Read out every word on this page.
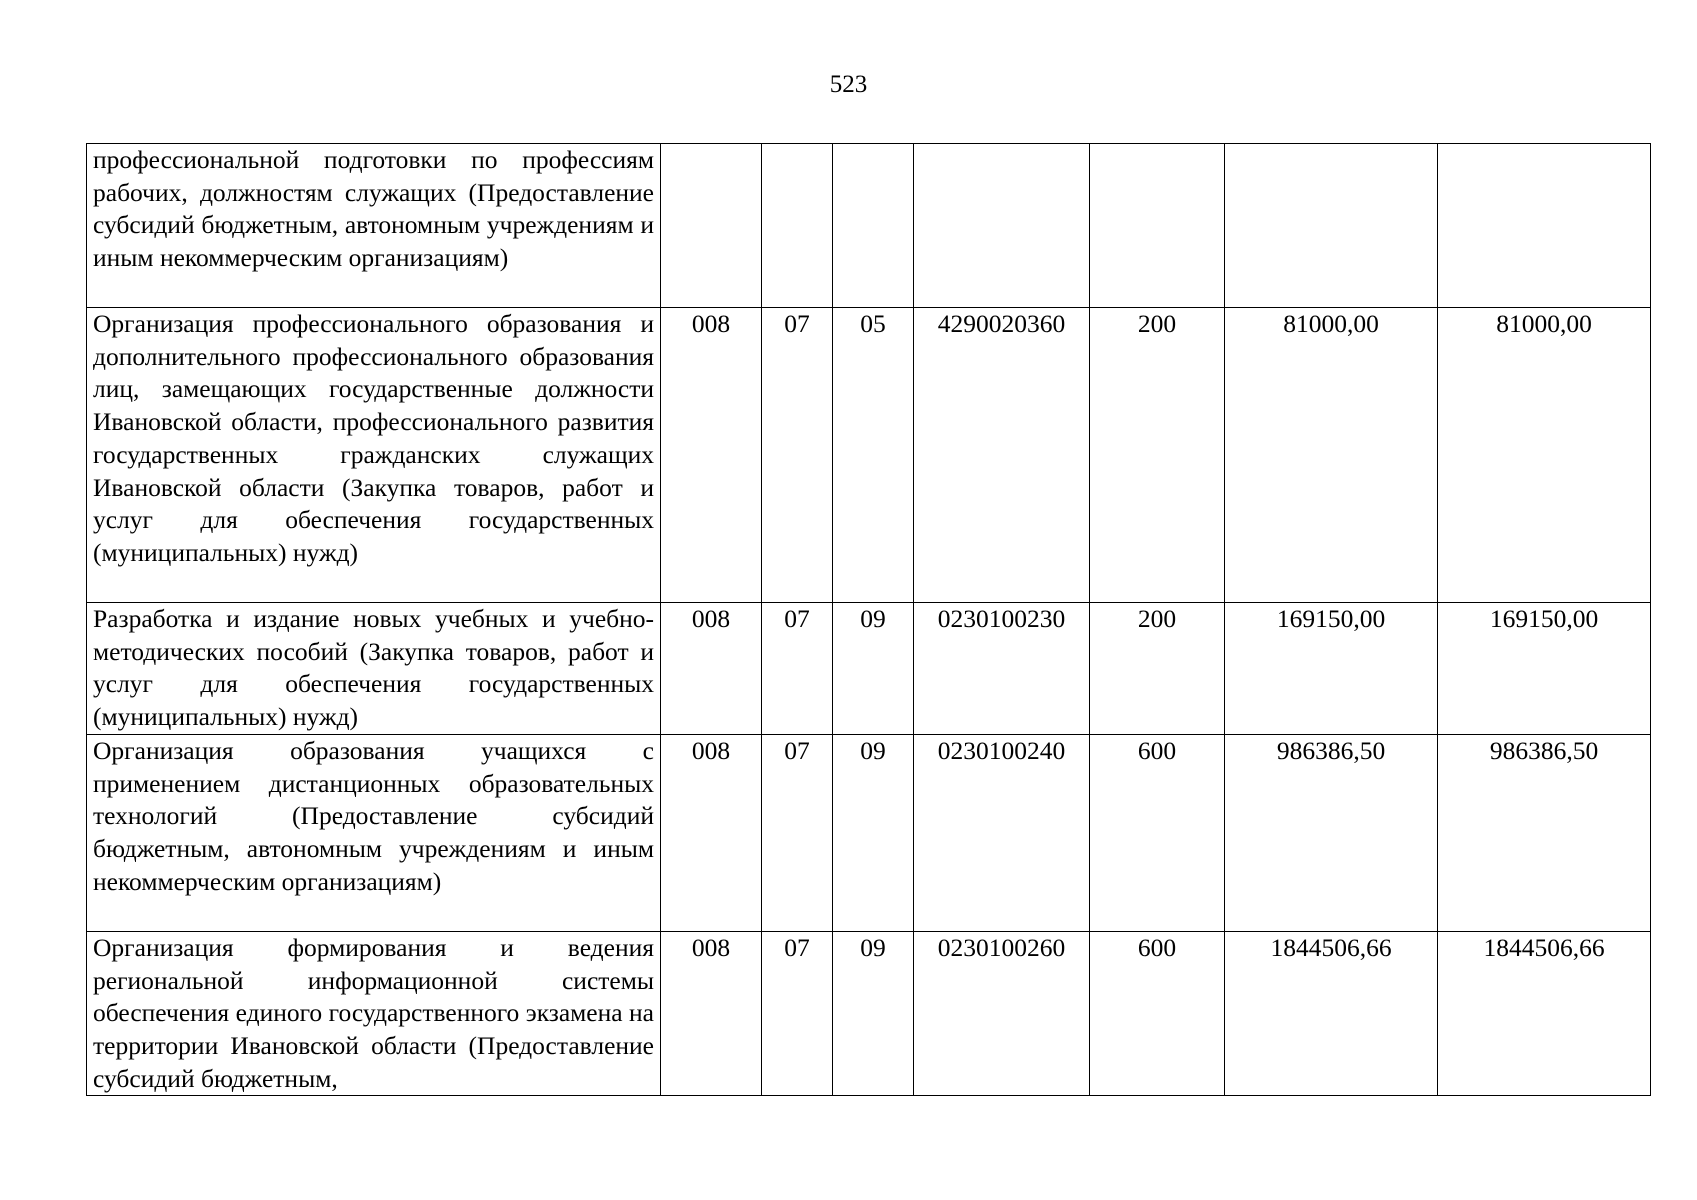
523
профессиональной подготовки по профессиям рабочих, должностям служащих (Предоставление субсидий бюджетным, автономным учреждениям и иным некоммерческим организациям)							
Организация профессионального образования и дополнительного профессионального образования лиц, замещающих государственные должности Ивановской области, профессионального развития государственных гражданских служащих Ивановской области (Закупка товаров, работ и услуг для обеспечения государственных (муниципальных) нужд)	008	07	05	4290020360	200	81000,00	81000,00
Разработка и издание новых учебных и учебно-методических пособий (Закупка товаров, работ и услуг для обеспечения государственных (муниципальных) нужд)	008	07	09	0230100230	200	169150,00	169150,00
Организация образования учащихся с применением дистанционных образовательных технологий (Предоставление субсидий бюджетным, автономным учреждениям и иным некоммерческим организациям)	008	07	09	0230100240	600	986386,50	986386,50
Организация формирования и ведения региональной информационной системы обеспечения единого государственного экзамена на территории Ивановской области (Предоставление субсидий бюджетным,	008	07	09	0230100260	600	1844506,66	1844506,66
